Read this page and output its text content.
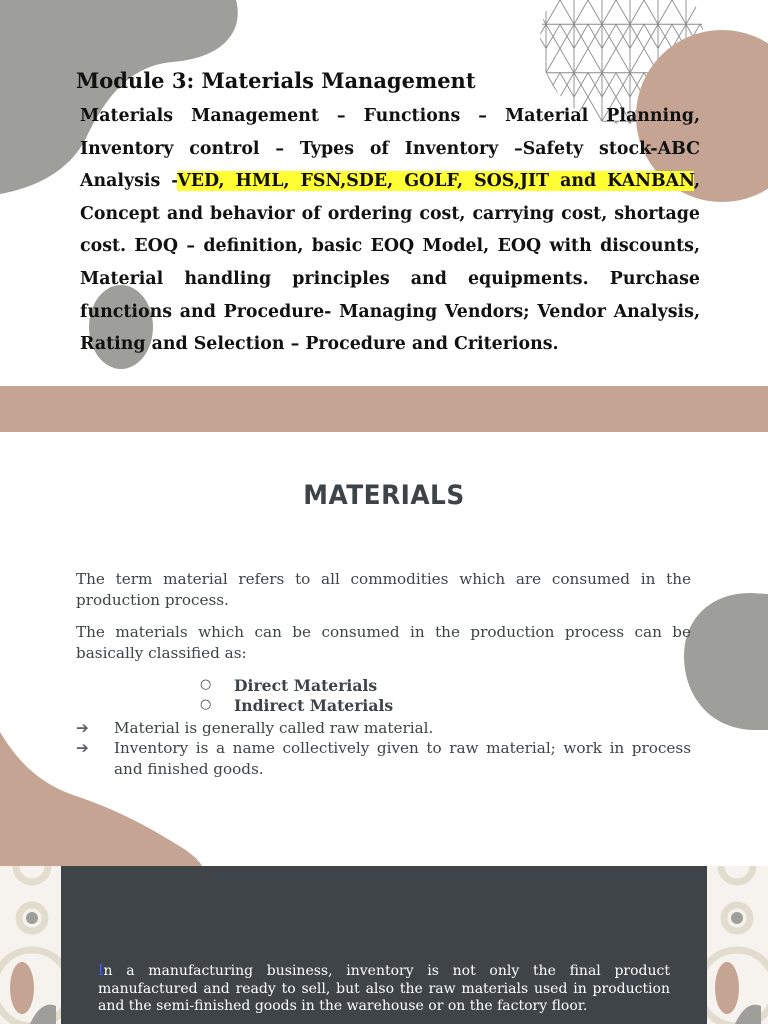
Module 3: Materials Management

Materials Management – Functions – Material Planning, Inventory control – Types of Inventory –Safety stock-ABC Analysis -VED, HML, FSN,SDE, GOLF, SOS,JIT and KANBAN, Concept and behavior of ordering cost, carrying cost, shortage cost. EOQ – definition, basic EOQ Model, EOQ with discounts, Material handling principles and equipments. Purchase functions and Procedure- Managing Vendors; Vendor Analysis, Rating and Selection – Procedure and Criterions.

MATERIALS

The term material refers to all commodities which are consumed in the production process.

The materials which can be consumed in the production process can be basically classified as:

○ Direct Materials
○ Indirect Materials
➔ Material is generally called raw material.
➔ Inventory is a name collectively given to raw material; work in process and finished goods.

In a manufacturing business, inventory is not only the final product manufactured and ready to sell, but also the raw materials used in production and the semi-finished goods in the warehouse or on the factory floor.
